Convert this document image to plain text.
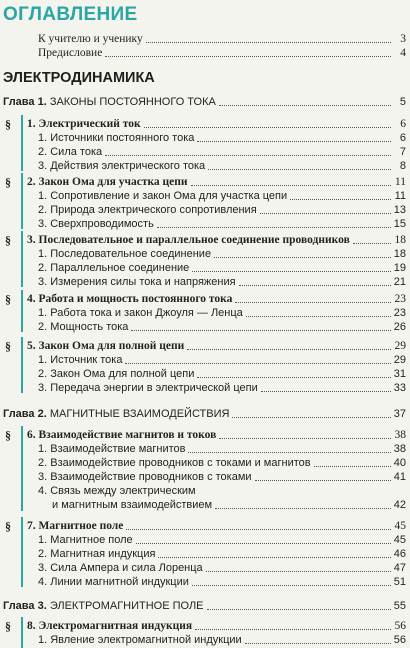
ОГЛАВЛЕНИЕ
К учителю и ученику	3
Предисловие	4
ЭЛЕКТРОДИНАМИКА
Глава 1. ЗАКОНЫ ПОСТОЯННОГО ТОКА	5
§ 1. Электрический ток	6
1. Источники постоянного тока	6
2. Сила тока	7
3. Действия электрического тока	8
§ 2. Закон Ома для участка цепи	11
1. Сопротивление и закон Ома для участка цепи	11
2. Природа электрического сопротивления	13
3. Сверхпроводимость	15
§ 3. Последовательное и параллельное соединение проводников	18
1. Последовательное соединение	18
2. Параллельное соединение	19
3. Измерения силы тока и напряжения	21
§ 4. Работа и мощность постоянного тока	23
1. Работа тока и закон Джоуля — Ленца	23
2. Мощность тока	26
§ 5. Закон Ома для полной цепи	29
1. Источник тока	29
2. Закон Ома для полной цепи	31
3. Передача энергии в электрической цепи	33
Глава 2. МАГНИТНЫЕ ВЗАИМОДЕЙСТВИЯ	37
§ 6. Взаимодействие магнитов и токов	38
1. Взаимодействие магнитов	38
2. Взаимодействие проводников с токами и магнитов	40
3. Взаимодействие проводников с токами	41
4. Связь между электрическим
и магнитным взаимодействием	42
§ 7. Магнитное поле	45
1. Магнитное поле	45
2. Магнитная индукция	46
3. Сила Ампера и сила Лоренца	47
4. Линии магнитной индукции	51
Глава 3. ЭЛЕКТРОМАГНИТНОЕ ПОЛЕ	55
§ 8. Электромагнитная индукция	56
1. Явление электромагнитной индукции	56
